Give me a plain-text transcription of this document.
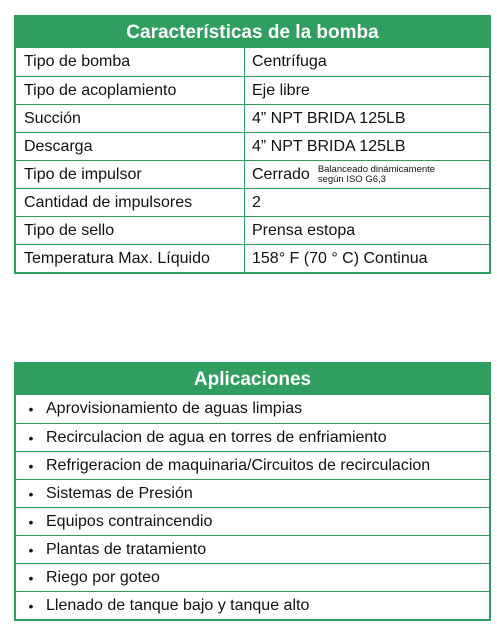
Características de la bomba
Tipo de bomba	Centrífuga
Tipo de acoplamiento	Eje libre
Succión	4” NPT BRIDA 125LB
Descarga	4” NPT BRIDA 125LB
Tipo de impulsor	Cerrado Balanceado dinámicamente
según ISO G6,3
Cantidad de impulsores	2
Tipo de sello	Prensa estopa
Temperatura Max. Líquido	158° F (70 ° C) Continua
Aplicaciones
• Aprovisionamiento de aguas limpias
• Recirculacion de agua en torres de enfriamiento
• Refrigeracion de maquinaria/Circuitos de recirculacion
• Sistemas de Presión
• Equipos contraincendio
• Plantas de tratamiento
• Riego por goteo
• Llenado de tanque bajo y tanque alto
